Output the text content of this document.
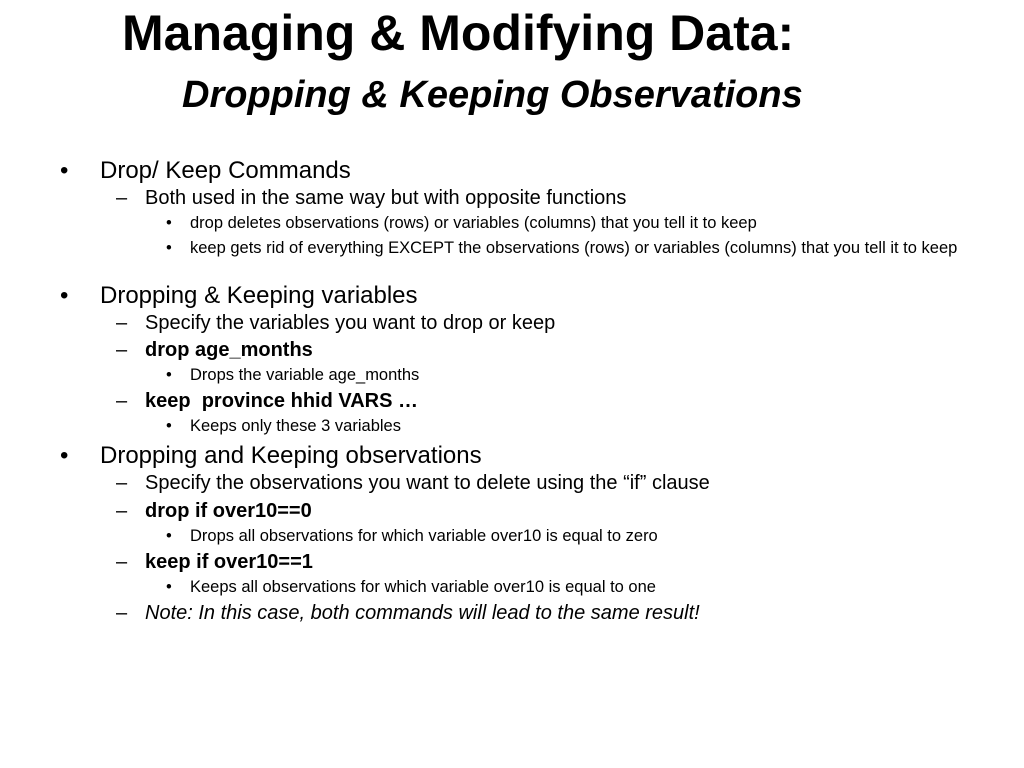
Managing & Modifying Data:
Dropping & Keeping Observations
• Drop/ Keep Commands
– Both used in the same way but with opposite functions
• drop deletes observations (rows) or variables (columns) that you tell it to keep
• keep gets rid of everything EXCEPT the observations (rows) or variables (columns) that you tell it to keep
• Dropping & Keeping variables
– Specify the variables you want to drop or keep
– drop age_months
• Drops the variable age_months
– keep  province hhid VARS …
• Keeps only these 3 variables
• Dropping and Keeping observations
– Specify the observations you want to delete using the “if” clause
– drop if over10==0
• Drops all observations for which variable over10 is equal to zero
– keep if over10==1
• Keeps all observations for which variable over10 is equal to one
– Note: In this case, both commands will lead to the same result!
